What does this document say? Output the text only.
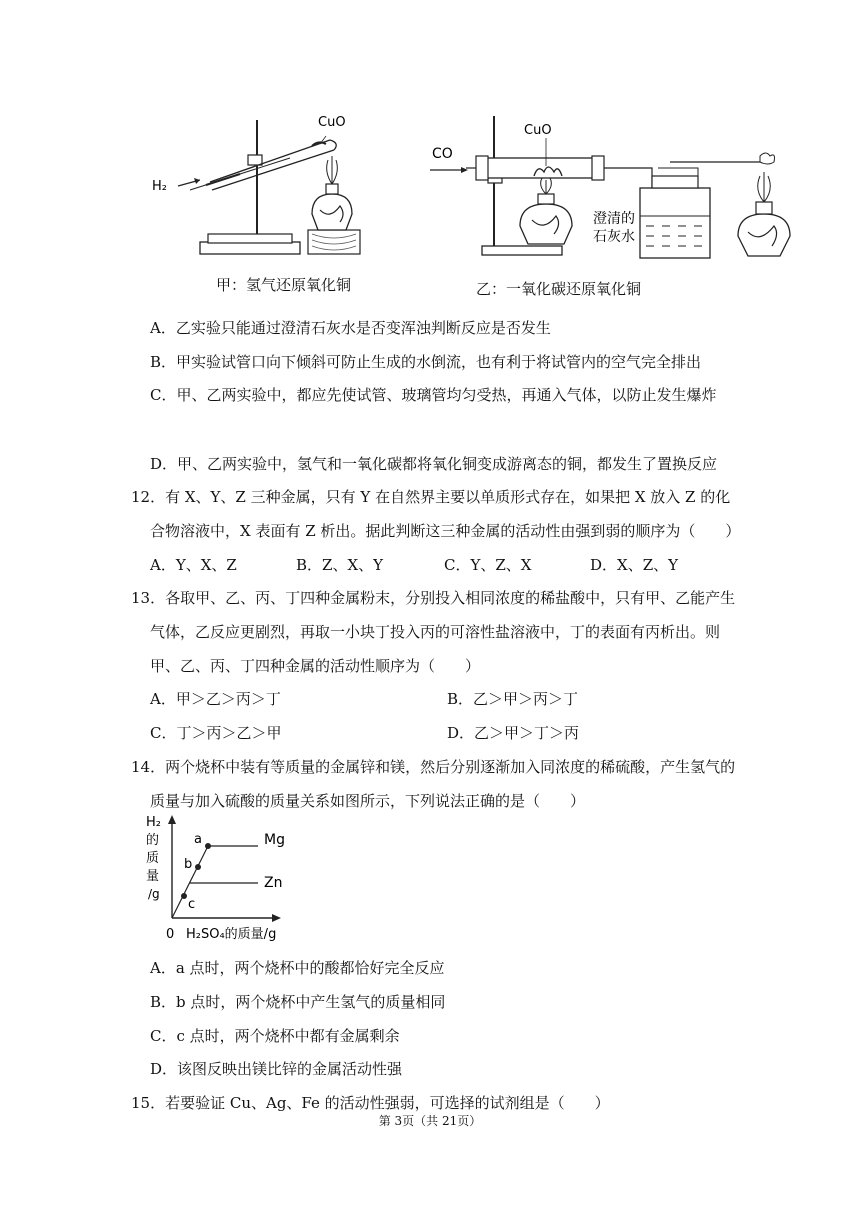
CuO
H₂
甲：氢气还原氧化铜
CO
CuO
澄清的
石灰水
乙：一氧化碳还原氧化铜
A．乙实验只能通过澄清石灰水是否变浑浊判断反应是否发生
B．甲实验试管口向下倾斜可防止生成的水倒流，也有利于将试管内的空气完全排出
C．甲、乙两实验中，都应先使试管、玻璃管均匀受热，再通入气体，以防止发生爆炸
D．甲、乙两实验中，氢气和一氧化碳都将氧化铜变成游离态的铜，都发生了置换反应
12．有 X、Y、Z 三种金属，只有 Y 在自然界主要以单质形式存在，如果把 X 放入 Z 的化
合物溶液中，X 表面有 Z 析出。据此判断这三种金属的活动性由强到弱的顺序为（　　）
A．Y、X、Z	B．Z、X、Y	C．Y、Z、X	D．X、Z、Y
13．各取甲、乙、丙、丁四种金属粉末，分别投入相同浓度的稀盐酸中，只有甲、乙能产生
气体，乙反应更剧烈，再取一小块丁投入丙的可溶性盐溶液中，丁的表面有丙析出。则
甲、乙、丙、丁四种金属的活动性顺序为（　　）
A．甲＞乙＞丙＞丁	B．乙＞甲＞丙＞丁
C．丁＞丙＞乙＞甲	D．乙＞甲＞丁＞丙
14．两个烧杯中装有等质量的金属锌和镁，然后分别逐渐加入同浓度的稀硫酸，产生氢气的
质量与加入硫酸的质量关系如图所示，下列说法正确的是（　　）
a
b
c
Mg
Zn
H₂
的
质
量
/g
0 H₂SO₄的质量/g
A．a 点时，两个烧杯中的酸都恰好完全反应
B．b 点时，两个烧杯中产生氢气的质量相同
C．c 点时，两个烧杯中都有金属剩余
D．该图反映出镁比锌的金属活动性强
15．若要验证 Cu、Ag、Fe 的活动性强弱，可选择的试剂组是（　　）
第 3页（共 21页）
